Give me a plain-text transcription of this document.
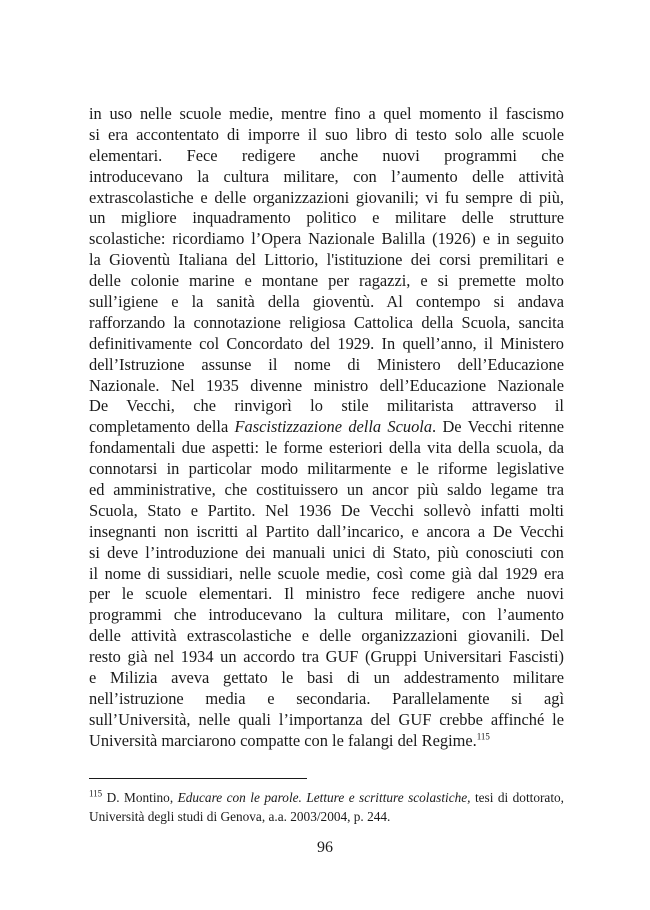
in uso nelle scuole medie, mentre fino a quel momento il fascismo
si era accontentato di imporre il suo libro di testo solo alle scuole
elementari. Fece redigere anche nuovi programmi che
introducevano la cultura militare, con l’aumento delle attività
extrascolastiche e delle organizzazioni giovanili; vi fu sempre di più,
un migliore inquadramento politico e militare delle strutture
scolastiche: ricordiamo l’Opera Nazionale Balilla (1926) e in seguito
la Gioventù Italiana del Littorio, l'istituzione dei corsi premilitari e
delle colonie marine e montane per ragazzi, e si premette molto
sull’igiene e la sanità della gioventù. Al contempo si andava
rafforzando la connotazione religiosa Cattolica della Scuola, sancita
definitivamente col Concordato del 1929. In quell’anno, il Ministero
dell’Istruzione assunse il nome di Ministero dell’Educazione
Nazionale. Nel 1935 divenne ministro dell’Educazione Nazionale
De Vecchi, che rinvigorì lo stile militarista attraverso il
completamento della Fascistizzazione della Scuola. De Vecchi ritenne
fondamentali due aspetti: le forme esteriori della vita della scuola, da
connotarsi in particolar modo militarmente e le riforme legislative
ed amministrative, che costituissero un ancor più saldo legame tra
Scuola, Stato e Partito. Nel 1936 De Vecchi sollevò infatti molti
insegnanti non iscritti al Partito dall’incarico, e ancora a De Vecchi
si deve l’introduzione dei manuali unici di Stato, più conosciuti con
il nome di sussidiari, nelle scuole medie, così come già dal 1929 era
per le scuole elementari. Il ministro fece redigere anche nuovi
programmi che introducevano la cultura militare, con l’aumento
delle attività extrascolastiche e delle organizzazioni giovanili. Del
resto già nel 1934 un accordo tra GUF (Gruppi Universitari Fascisti)
e Milizia aveva gettato le basi di un addestramento militare
nell’istruzione media e secondaria. Parallelamente si agì
sull’Università, nelle quali l’importanza del GUF crebbe affinché le
Università marciarono compatte con le falangi del Regime.$^{115}$
$^{115}$ D. Montino, Educare con le parole. Letture e scritture scolastiche, tesi di dottorato,
Università degli studi di Genova, a.a. 2003/2004, p. 244.
96
